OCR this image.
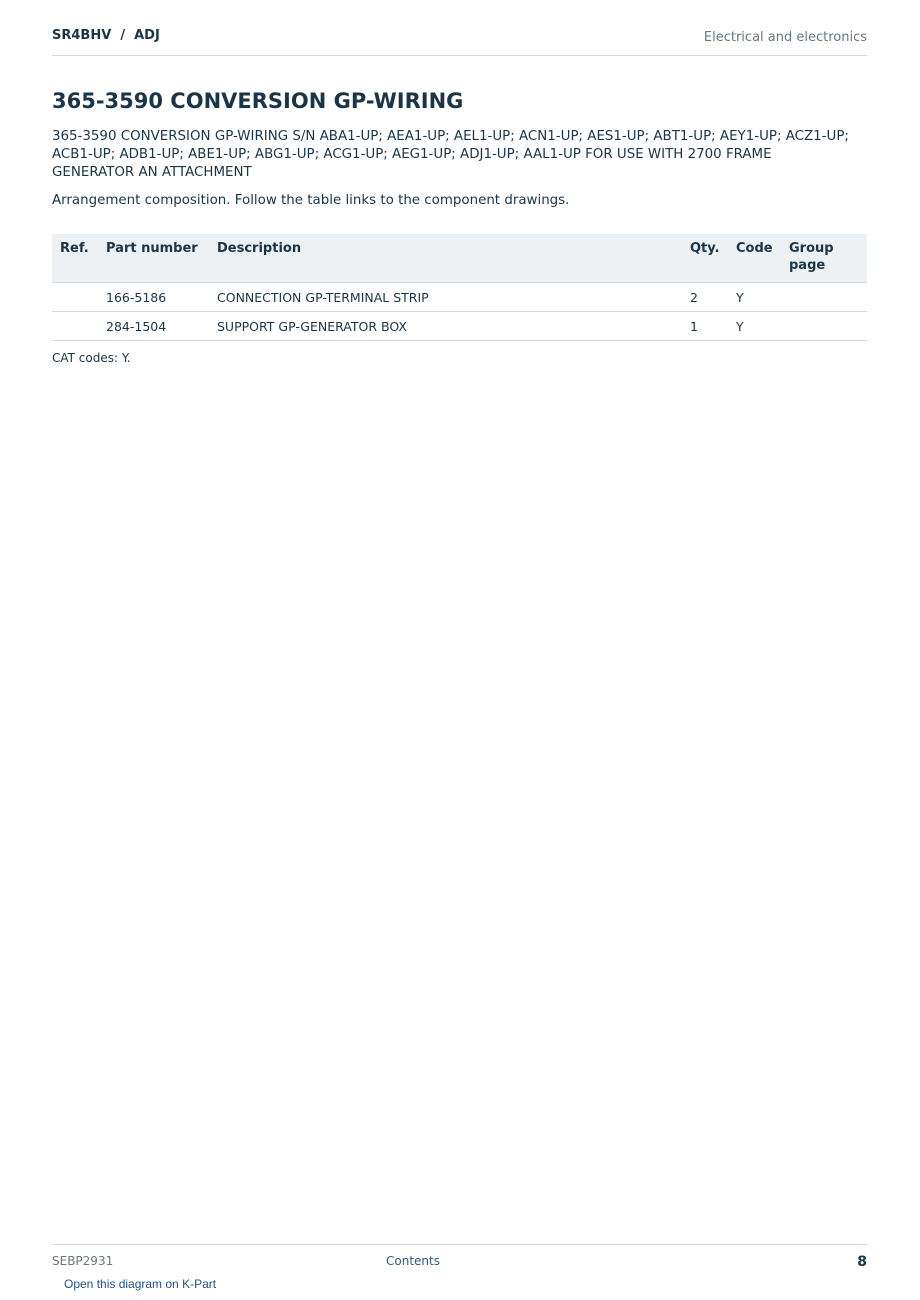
SR4BHV  /  ADJ	Electrical and electronics
365-3590 CONVERSION GP-WIRING

365-3590 CONVERSION GP-WIRING S/N ABA1-UP; AEA1-UP; AEL1-UP; ACN1-UP; AES1-UP; ABT1-UP; AEY1-UP; ACZ1-UP; ACB1-UP; ADB1-UP; ABE1-UP; ABG1-UP; ACG1-UP; AEG1-UP; ADJ1-UP; AAL1-UP FOR USE WITH 2700 FRAME GENERATOR AN ATTACHMENT

Arrangement composition. Follow the table links to the component drawings.

Ref.	Part number	Description	Qty.	Code	Group page
	166-5186	CONNECTION GP-TERMINAL STRIP	2	Y	
	284-1504	SUPPORT GP-GENERATOR BOX	1	Y	

CAT codes: Y.

SEBP2931	Contents	8
Open this diagram on K-Part
